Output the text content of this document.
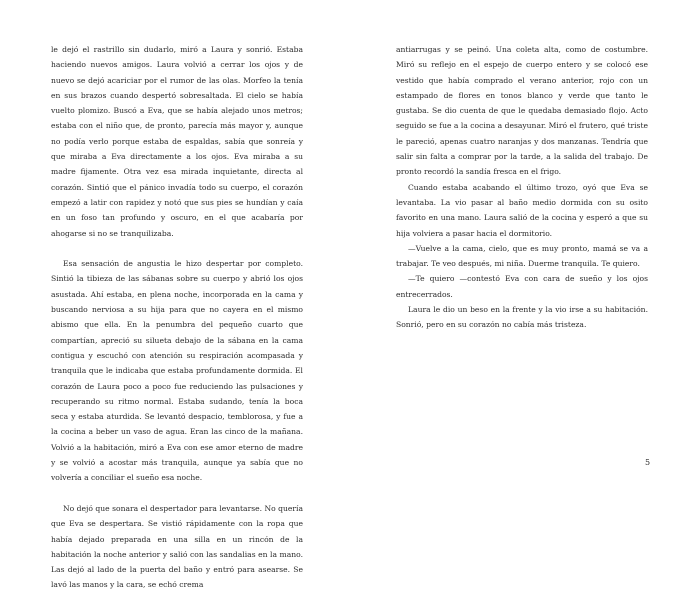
le dejó el rastrillo sin dudarlo, miró a Laura y sonrió. Estaba haciendo nuevos amigos. Laura volvió a cerrar los ojos y de nuevo se dejó acariciar por el rumor de las olas. Morfeo la tenía en sus brazos cuando despertó sobresaltada. El cielo se había vuelto plomizo. Buscó a Eva, que se había alejado unos metros; estaba con el niño que, de pronto, parecía más mayor y, aunque no podía verlo porque estaba de espaldas, sabía que sonreía y que miraba a Eva directamente a los ojos. Eva miraba a su madre fijamente. Otra vez esa mirada inquietante, directa al corazón. Sintió que el pánico invadía todo su cuerpo, el corazón empezó a latir con rapidez y notó que sus pies se hundían y caía en un foso tan profundo y oscuro, en el que acabaría por ahogarse si no se tranquilizaba.

Esa sensación de angustia le hizo despertar por completo. Sintió la tibieza de las sábanas sobre su cuerpo y abrió los ojos asustada. Ahí estaba, en plena noche, incorporada en la cama y buscando nerviosa a su hija para que no cayera en el mismo abismo que ella. En la penumbra del pequeño cuarto que compartían, apreció su silueta debajo de la sábana en la cama contigua y escuchó con atención su respiración acompasada y tranquila que le indicaba que estaba profundamente dormida. El corazón de Laura poco a poco fue reduciendo las pulsaciones y recuperando su ritmo normal. Estaba sudando, tenía la boca seca y estaba aturdida. Se levantó despacio, temblorosa, y fue a la cocina a beber un vaso de agua. Eran las cinco de la mañana. Volvió a la habitación, miró a Eva con ese amor eterno de madre y se volvió a acostar más tranquila, aunque ya sabía que no volvería a conciliar el sueño esa noche.

No dejó que sonara el despertador para levantarse. No quería que Eva se despertara. Se vistió rápidamente con la ropa que había dejado preparada en una silla en un rincón de la habitación la noche anterior y salió con las sandalias en la mano. Las dejó al lado de la puerta del baño y entró para asearse. Se lavó las manos y la cara, se echó crema

antiarrugas y se peinó. Una coleta alta, como de costumbre. Miró su reflejo en el espejo de cuerpo entero y se colocó ese vestido que había comprado el verano anterior, rojo con un estampado de flores en tonos blanco y verde que tanto le gustaba. Se dio cuenta de que le quedaba demasiado flojo. Acto seguido se fue a la cocina a desayunar. Miró el frutero, qué triste le pareció, apenas cuatro naranjas y dos manzanas. Tendría que salir sin falta a comprar por la tarde, a la salida del trabajo. De pronto recordó la sandía fresca en el frigo.

Cuando estaba acabando el último trozo, oyó que Eva se levantaba. La vio pasar al baño medio dormida con su osito favorito en una mano. Laura salió de la cocina y esperó a que su hija volviera a pasar hacia el dormitorio.

—Vuelve a la cama, cielo, que es muy pronto, mamá se va a trabajar. Te veo después, mi niña. Duerme tranquila. Te quiero.

—Te quiero —contestó Eva con cara de sueño y los ojos entrecerrados.

Laura le dio un beso en la frente y la vio irse a su habitación. Sonrió, pero en su corazón no cabía más tristeza.

5
